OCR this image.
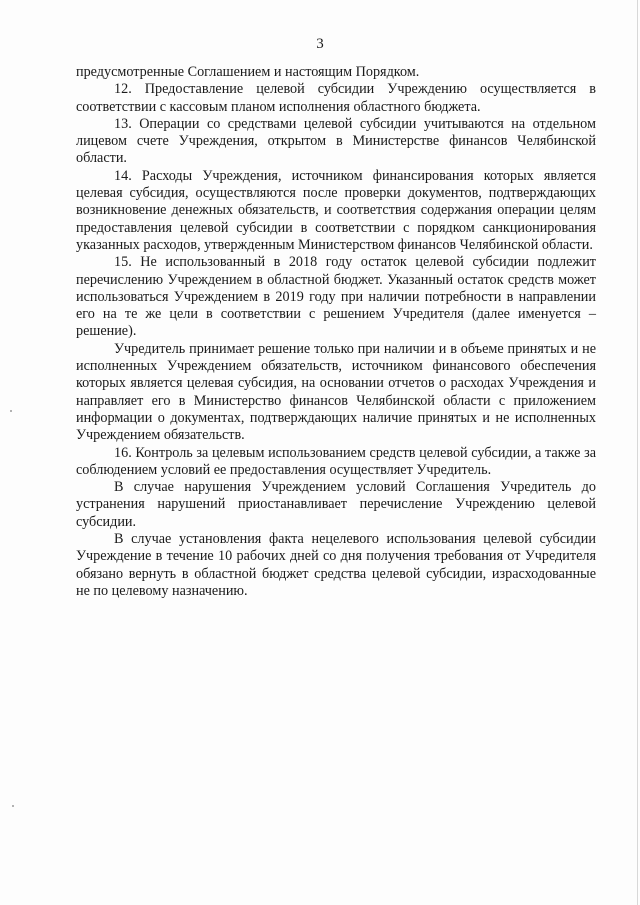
3

предусмотренные Соглашением и настоящим Порядком.

12. Предоставление целевой субсидии Учреждению осуществляется в соответствии с кассовым планом исполнения областного бюджета.

13. Операции со средствами целевой субсидии учитываются на отдельном лицевом счете Учреждения, открытом в Министерстве финансов Челябинской области.

14. Расходы Учреждения, источником финансирования которых является целевая субсидия, осуществляются после проверки документов, подтверждающих возникновение денежных обязательств, и соответствия содержания операции целям предоставления целевой субсидии в соответствии с порядком санкционирования указанных расходов, утвержденным Министерством финансов Челябинской области.

15. Не использованный в 2018 году остаток целевой субсидии подлежит перечислению Учреждением в областной бюджет. Указанный остаток средств может использоваться Учреждением в 2019 году при наличии потребности в направлении его на те же цели в соответствии с решением Учредителя (далее именуется – решение).

Учредитель принимает решение только при наличии и в объеме принятых и не исполненных Учреждением обязательств, источником финансового обеспечения которых является целевая субсидия, на основании отчетов о расходах Учреждения и направляет его в Министерство финансов Челябинской области с приложением информации о документах, подтверждающих наличие принятых и не исполненных Учреждением обязательств.

16. Контроль за целевым использованием средств целевой субсидии, а также за соблюдением условий ее предоставления осуществляет Учредитель.

В случае нарушения Учреждением условий Соглашения Учредитель до устранения нарушений приостанавливает перечисление Учреждению целевой субсидии.

В случае установления факта нецелевого использования целевой субсидии Учреждение в течение 10 рабочих дней со дня получения требования от Учредителя обязано вернуть в областной бюджет средства целевой субсидии, израсходованные не по целевому назначению.
